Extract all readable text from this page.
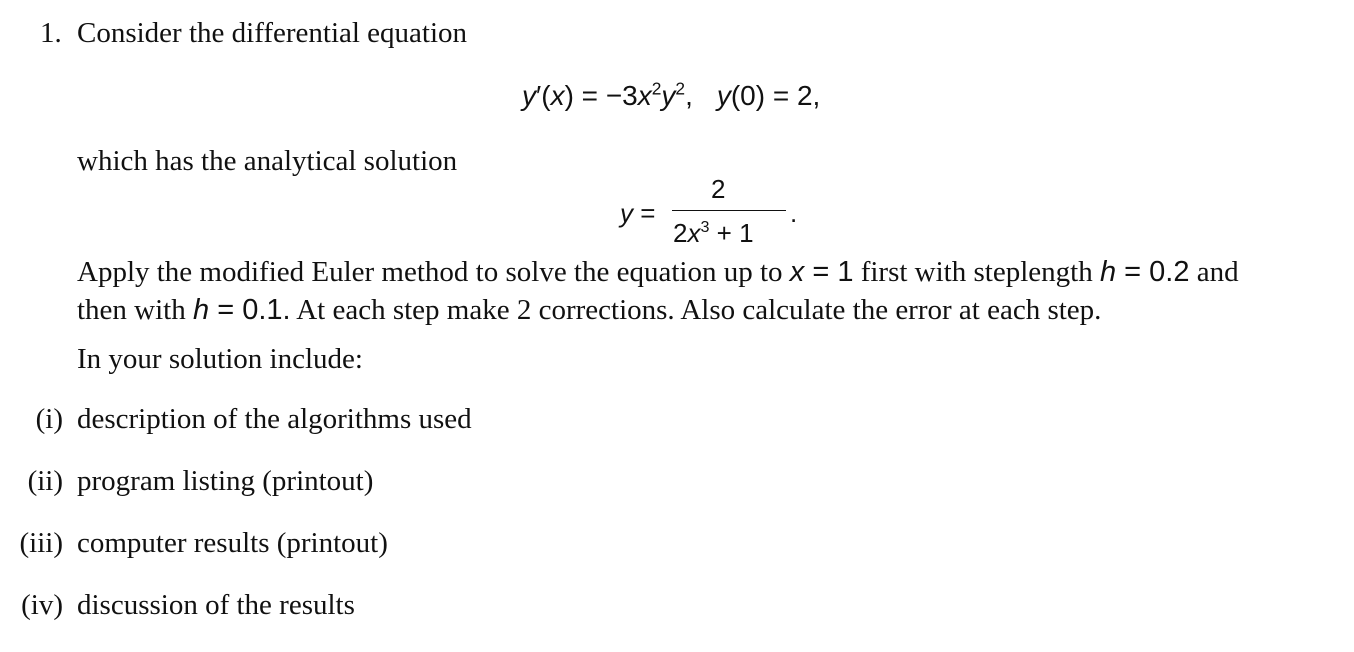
1. Consider the differential equation
$y'(x) = -3x^2y^2$, y(0) = 2,
which has the analytical solution
y =
2
$2x^3 + 1$
.
Apply the modified Euler method to solve the equation up to x = 1 first with steplength h = 0.2 and
then with h = 0.1. At each step make 2 corrections. Also calculate the error at each step.
In your solution include:
(i) description of the algorithms used
(ii) program listing (printout)
(iii) computer results (printout)
(iv) discussion of the results
